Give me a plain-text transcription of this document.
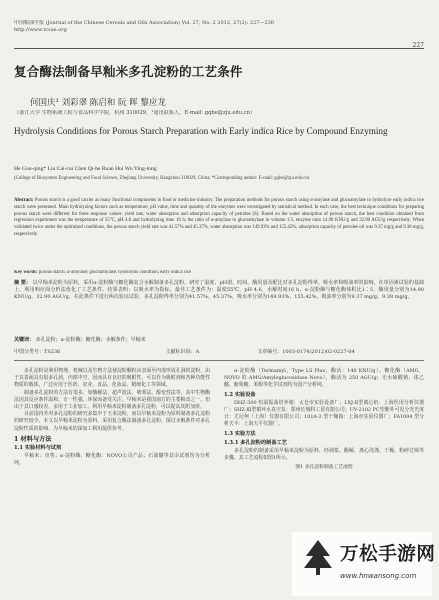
中国粮油学报 (Journal of the Chinese Cereals and Oils Association) Vol. 27, No. 2 2012, 27(2): 227—230
http://www.tcsae.org
227
复合酶法制备早籼米多孔淀粉的工艺条件
何国庆¹ 刘彩翠 陈启和 阮 晖 黎应龙
（浙江大学 生物系统工程与食品科学学院，杭州 310029，¹通讯联系人，E-mail: gqhe@zju.edu.cn）
Hydrolysis Conditions for Porous Starch Preparation with Early indica Rice by Compound Enzyming
He Guo-qing* Liu Cai-cui Chen Qi-he Ruan Hui Wu Ying-long
(College of Biosystem Engineering and Food Science, Zhejiang University, Hangzhou 310029, China; *Corresponding author: E-mail: gqhe@zju.edu.cn)
Abstract: Porous starch is a good carrier as many functional components in food or medicine industry. The preparation methods for porous starch using α-amylase and glucoamylase to hydrolyze early indica rice starch were presented. Main hydrolyzing factors such as temperature, pH value, time and quantity of the enzymes were investigated by statistical method. In each case, the best technique conditions for preparing porous starch were different for three response values: yield rate, water absorption and adsorption capacity of petrolee (S). Based on the water absorption of porous starch, the best condition obtained from regression experiment was the temperature of 55°C, pH 4.6 and hydrolyzing time 16 h; the ratio of α-amylase to glucoamylase in volume 1:5, enzyme ratio 14.90 KNU/g and 32.90 AGU/g respectively. When validated twice under the optimized conditions, the porous starch yield rate was 41.57% and 45.37%, water absorption was 149.93% and 155.42%, adsorption capacity of petrolee oil was 9.37 mg/g and 9.38 mg/g, respectively.
Key words: porous starch; α-amylase; glucoamylase; hydrolysis condition; early indica rice
摘 要： 以早籼米淀粉为原料，采用α-淀粉酶与糖化酶复合水解制备多孔淀粉，研究了温度、pH值、时间、酶用量及配比对多孔淀粉得率、吸水率和吸油率的影响，在单因素试验的基础上，利用响应面分析法优化了工艺条件。结果表明：以吸水率为指标，最佳工艺条件为：温度55℃，pH 4.6，水解时间16 h，α-淀粉酶与糖化酶体积比1∶5，酶用量分别为14.90 KNU/g、32.90 AGU/g。在此条件下进行两次验证试验，多孔淀粉得率分别为41.57%、45.37%，吸水率分别为149.93%、155.42%，吸油率分别为9.37 mg/g、9.38 mg/g。
关键词： 多孔淀粉；α-淀粉酶；糖化酶；水解条件；早籼米
中图分类号：TS236	文献标识码：A	文章编号：1003-0174(2012)02-0227-04

多孔淀粉是利用物理、机械以及生物方法使淀粉颗粒由表面至内部形成孔洞的淀粉，由于其表面具有很多孔洞，内部中空，因而具有良好的吸附性，可以作为吸附剂和各种功能性物质的载体，广泛应用于医药、农业、食品、化妆品、精细化工等领域。

制备多孔淀粉的方法有很多，如酶解法、超声波法、喷雾法、醇变性法等，其中生物酶法因其反应条件温和、专一性强、环保而备受关注。早籼米是我国南方的主要粮食之一，但由于其口感较差，多用于工业加工，利用早籼米淀粉制备多孔淀粉，可以提高其附加值。

目前国内外对多孔淀粉的研究多集中于玉米淀粉，而以早籼米淀粉为原料制备多孔淀粉的研究较少。本文以早籼米淀粉为原料，采用复合酶法制备多孔淀粉，探讨水解条件对多孔淀粉性质的影响，为早籼米的深加工利用提供参考。

1 材料与方法
1.1 实验材料与试剂

早籼米：市售；α-淀粉酶、糖化酶：NOVO公司产品；石油醚等其余试剂均为分析纯。

α-淀粉酶（Termamyl，Type LS Plus，酶活：140 KNU/g）、糖化酶（AMG，NOVO 的 AMG/Amyloglucosidase Novo），酶活为 250 AGU/g；无水硫酸钠、浓乙醚、葡萄糖、苯酚等化学试剂均为国产分析纯。

1.2 实验设备

DHZ-300 恒温振荡培养箱：太仓市实验设备厂；LXJ-Ⅱ型离心机：上海医用分析仪器厂；SHZ-Ⅲ型循环水真空泵：郑州长城科工贸有限公司；UV-2102 PC型紫外可见分光光度计：尤尼柯（上海）仪器有限公司；101A-2 型干燥箱：上海市实验仪器厂；FA1004 型分析天平：上海天平仪器厂。

1.3 实验方法
1.3.1 多孔淀粉的制备工艺

多孔淀粉的制备采用早籼米淀粉为原料，经调浆、酶解、离心洗涤、干燥、粉碎过筛等步骤，其工艺流程如图1所示。

图1 多孔淀粉制备工艺流程
万松手游网
www.hnwansong.com
